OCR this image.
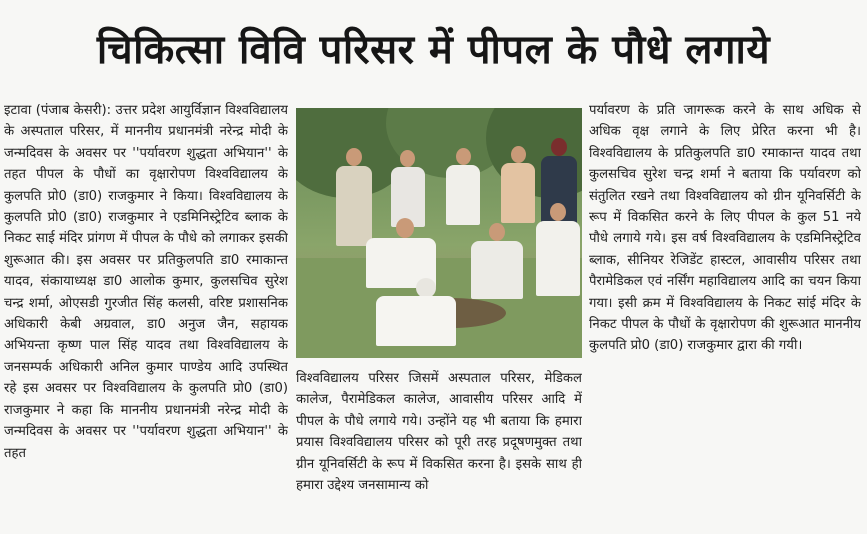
चिकित्सा विवि परिसर में पीपल के पौधे लगाये

इटावा (पंजाब केसरी): उत्तर प्रदेश आयुर्विज्ञान विश्वविद्यालय के अस्पताल परिसर, में माननीय प्रधानमंत्री नरेन्द्र मोदी के जन्मदिवस के अवसर पर ''पर्यावरण शुद्धता अभियान'' के तहत पीपल के पौधों का वृक्षारोपण विश्वविद्यालय के कुलपति प्रो0 (डा0) राजकुमार ने किया। विश्वविद्यालय के कुलपति प्रो0 (डा0) राजकुमार ने एडमिनिस्ट्रेटिव ब्लाक के निकट साई मंदिर प्रांगण में पीपल के पौधे को लगाकर इसकी शुरूआत की। इस अवसर पर प्रतिकुलपति डा0 रमाकान्त यादव, संकायाध्यक्ष डा0 आलोक कुमार, कुलसचिव सुरेश चन्द्र शर्मा, ओएसडी गुरजीत सिंह कलसी, वरिष्ट प्रशासनिक अधिकारी केबी अग्रवाल, डा0 अनुज जैन, सहायक अभियन्ता कृष्ण पाल सिंह यादव तथा विश्वविद्यालय के जनसम्पर्क अधिकारी अनिल कुमार पाण्डेय आदि उपस्थित रहे इस अवसर पर विश्वविद्यालय के कुलपति प्रो0 (डा0) राजकुमार ने कहा कि माननीय प्रधानमंत्री नरेन्द्र मोदी के जन्मदिवस के अवसर पर ''पर्यावरण शुद्धता अभियान'' के तहत

विश्वविद्यालय परिसर जिसमें अस्पताल परिसर, मेडिकल कालेज, पैरामेडिकल कालेज, आवासीय परिसर आदि में पीपल के पौधे लगाये गये। उन्होंने यह भी बताया कि हमारा प्रयास विश्वविद्यालय परिसर को पूरी तरह प्रदूषणमुक्त तथा ग्रीन यूनिवर्सिटी के रूप में विकसित करना है। इसके साथ ही हमारा उद्देश्य जनसामान्य को

पर्यावरण के प्रति जागरूक करने के साथ अधिक से अधिक वृक्ष लगाने के लिए प्रेरित करना भी है।विश्वविद्यालय के प्रतिकुलपति डा0 रमाकान्त यादव तथा कुलसचिव सुरेश चन्द्र शर्मा ने बताया कि पर्यावरण को संतुलित रखने तथा विश्वविद्यालय को ग्रीन यूनिवर्सिटी के रूप में विकसित करने के लिए पीपल के कुल 51 नये पौधे लगाये गये। इस वर्ष विश्वविद्यालय के एडमिनिस्ट्रेटिव ब्लाक, सीनियर रेजिडेंट हास्टल, आवासीय परिसर तथा पैरामेडिकल एवं नर्सिंग महाविद्यालय आदि का चयन किया गया। इसी क्रम में विश्वविद्यालय के निकट सांई मंदिर के निकट पीपल के पौधों के वृक्षारोपण की शुरूआत माननीय कुलपति प्रो0 (डा0) राजकुमार द्वारा की गयी।
